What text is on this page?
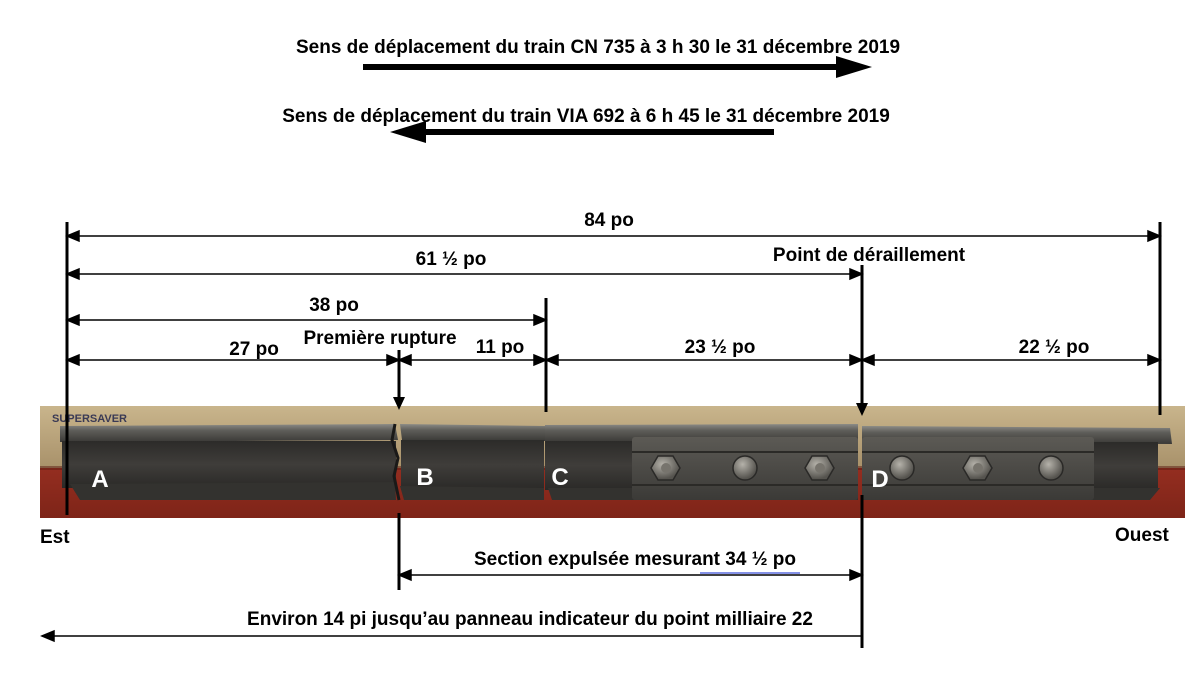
A	B	C	D
SUPERSAVER
Sens de déplacement du train CN 735 à 3 h 30 le 31 décembre 2019
Sens de déplacement du train VIA 692 à 6 h 45 le 31 décembre 2019
84 po
61 ½ po	Point de déraillement
38 po
27 po
Première rupture 11 po	23 ½ po	22 ½ po
Est	Ouest
Section expulsée mesurant 34 ½ po
Environ 14 pi jusqu’au panneau indicateur du point milliaire 22
